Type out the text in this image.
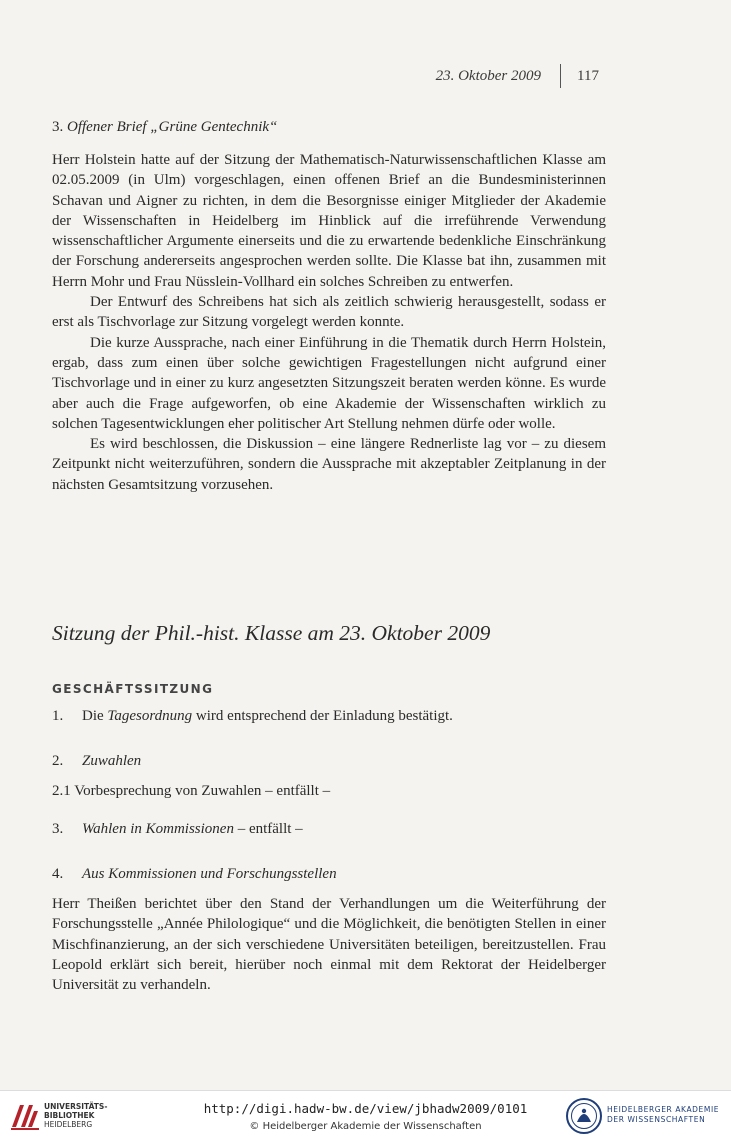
23. Oktober 2009 117
3. Offener Brief „Grüne Gentechnik“

Herr Holstein hatte auf der Sitzung der Mathematisch-Naturwissenschaftlichen Klasse am 02.05.2009 (in Ulm) vorgeschlagen, einen offenen Brief an die Bundesministerinnen Schavan und Aigner zu richten, in dem die Besorgnisse einiger Mitglieder der Akademie der Wissenschaften in Heidelberg im Hinblick auf die irreführende Verwendung wissenschaftlicher Argumente einerseits und die zu erwartende bedenkliche Einschränkung der Forschung andererseits angesprochen werden sollte. Die Klasse bat ihn, zusammen mit Herrn Mohr und Frau Nüsslein-Vollhard ein solches Schreiben zu entwerfen.

Der Entwurf des Schreibens hat sich als zeitlich schwierig herausgestellt, sodass er erst als Tischvorlage zur Sitzung vorgelegt werden konnte.

Die kurze Aussprache, nach einer Einführung in die Thematik durch Herrn Holstein, ergab, dass zum einen über solche gewichtigen Fragestellungen nicht aufgrund einer Tischvorlage und in einer zu kurz angesetzten Sitzungszeit beraten werden könne. Es wurde aber auch die Frage aufgeworfen, ob eine Akademie der Wissenschaften wirklich zu solchen Tagesentwicklungen eher politischer Art Stellung nehmen dürfe oder wolle.

Es wird beschlossen, die Diskussion – eine längere Rednerliste lag vor – zu diesem Zeitpunkt nicht weiterzuführen, sondern die Aussprache mit akzeptabler Zeitplanung in der nächsten Gesamtsitzung vorzusehen.

Sitzung der Phil.-hist. Klasse am 23. Oktober 2009
GESCHÄFTSSITZUNG
1. Die Tagesordnung wird entsprechend der Einladung bestätigt.
2. Zuwahlen
2.1 Vorbesprechung von Zuwahlen – entfällt –
3. Wahlen in Kommissionen – entfällt –
4. Aus Kommissionen und Forschungsstellen

Herr Theißen berichtet über den Stand der Verhandlungen um die Weiterführung der Forschungsstelle „Année Philologique“ und die Möglichkeit, die benötigten Stellen in einer Mischfinanzierung, an der sich verschiedene Universitäten beteiligen, bereitzustellen. Frau Leopold erklärt sich bereit, hierüber noch einmal mit dem Rektorat der Heidelberger Universität zu verhandeln.

UNIVERSITÄTS-
BIBLIOTHEK
HEIDELBERG
http://digi.hadw-bw.de/view/jbhadw2009/0101
© Heidelberger Akademie der Wissenschaften
HEIDELBERGER AKADEMIE
DER WISSENSCHAFTEN
